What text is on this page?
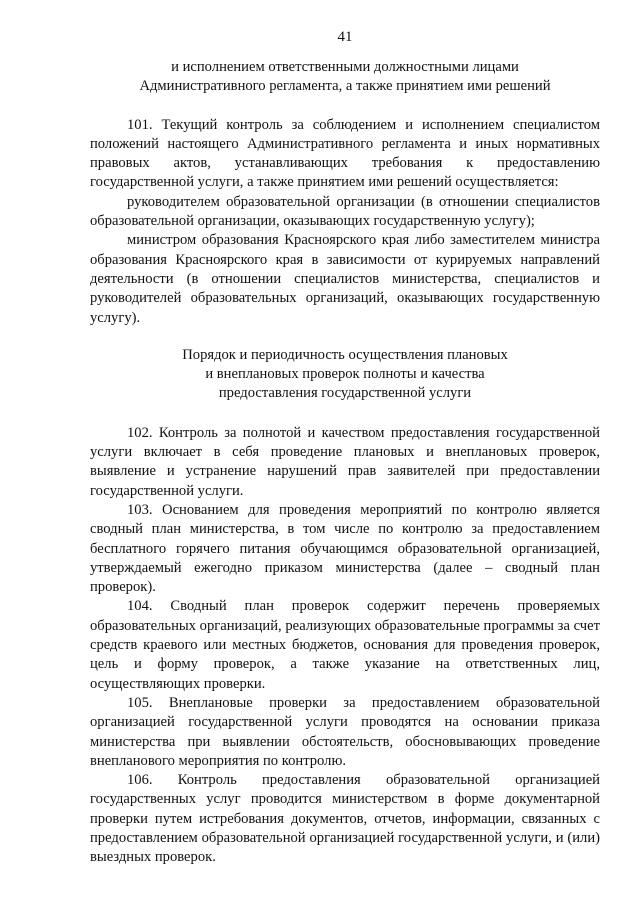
41
и исполнением ответственными должностными лицами
Административного регламента, а также принятием ими решений

101. Текущий контроль за соблюдением и исполнением специалистом положений настоящего Административного регламента и иных нормативных правовых актов, устанавливающих требования к предоставлению государственной услуги, а также принятием ими решений осуществляется:

руководителем образовательной организации (в отношении специалистов образовательной организации, оказывающих государственную услугу);

министром образования Красноярского края либо заместителем министра образования Красноярского края в зависимости от курируемых направлений деятельности (в отношении специалистов министерства, специалистов и руководителей образовательных организаций, оказывающих государственную услугу).

Порядок и периодичность осуществления плановых
и внеплановых проверок полноты и качества
предоставления государственной услуги

102. Контроль за полнотой и качеством предоставления государственной услуги включает в себя проведение плановых и внеплановых проверок, выявление и устранение нарушений прав заявителей при предоставлении государственной услуги.

103. Основанием для проведения мероприятий по контролю является сводный план министерства, в том числе по контролю за предоставлением бесплатного горячего питания обучающимся образовательной организацией, утверждаемый ежегодно приказом министерства (далее – сводный план проверок).

104. Сводный план проверок содержит перечень проверяемых образовательных организаций, реализующих образовательные программы за счет средств краевого или местных бюджетов, основания для проведения проверок, цель и форму проверок, а также указание на ответственных лиц, осуществляющих проверки.

105. Внеплановые проверки за предоставлением образовательной организацией государственной услуги проводятся на основании приказа министерства при выявлении обстоятельств, обосновывающих проведение внепланового мероприятия по контролю.

106. Контроль предоставления образовательной организацией государственных услуг проводится министерством в форме документарной проверки путем истребования документов, отчетов, информации, связанных с предоставлением образовательной организацией государственной услуги, и (или) выездных проверок.
